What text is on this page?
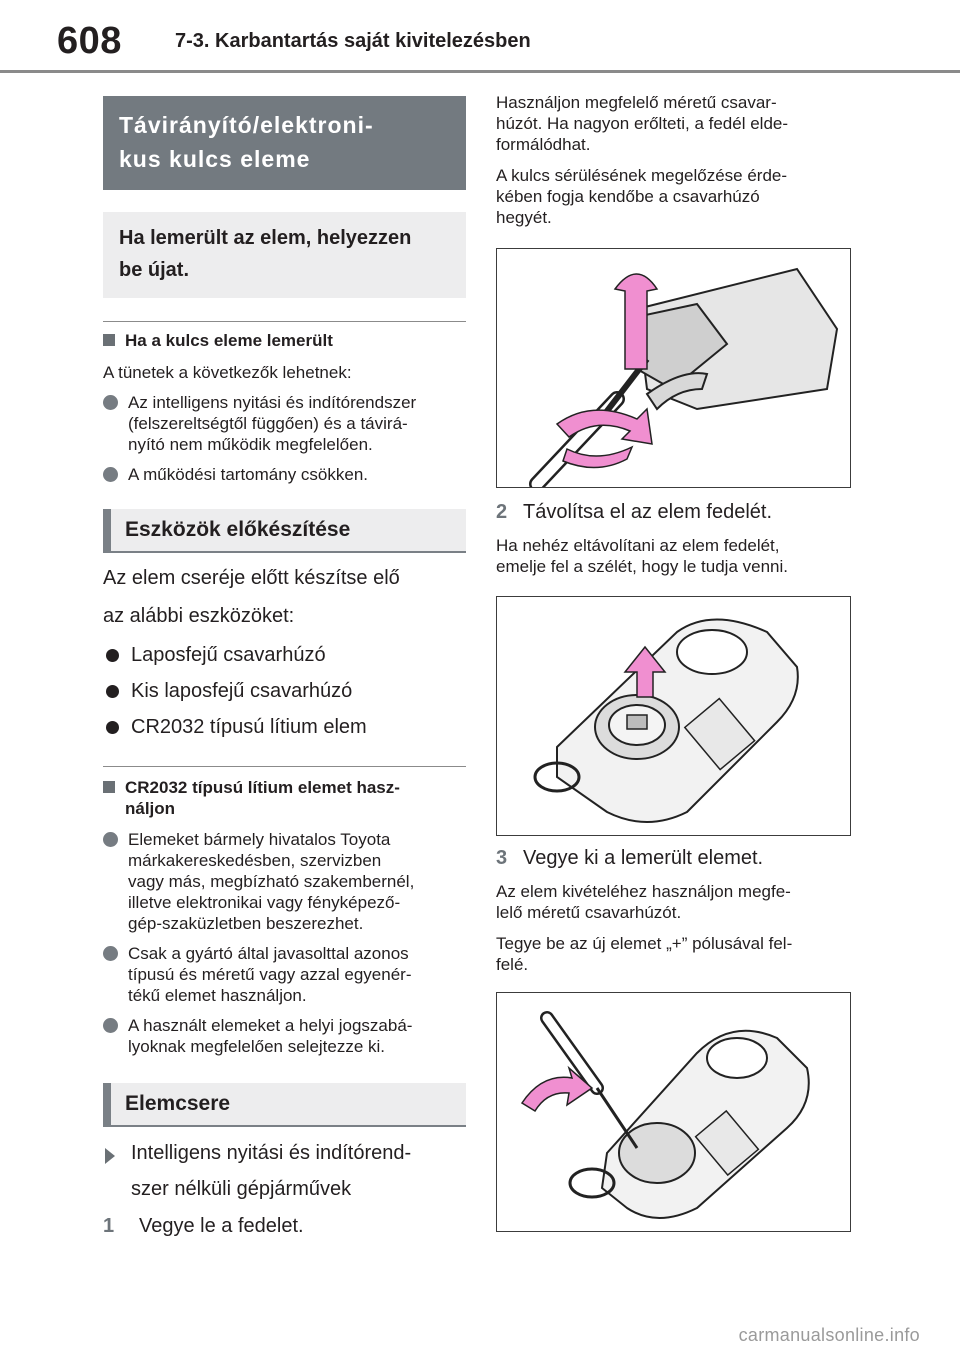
608	7-3. Karbantartás saját kivitelezésben
Távirányító/elektroni-
kus kulcs eleme
Ha lemerült az elem, helyezzen
be újat.
Ha a kulcs eleme lemerült
A tünetek a következők lehetnek:
Az intelligens nyitási és indítórendszer
(felszereltségtől függően) és a távirá-
nyító nem működik megfelelően.
A működési tartomány csökken.
Eszközök előkészítése
Az elem cseréje előtt készítse elő
az alábbi eszközöket:
Laposfejű csavarhúzó
Kis laposfejű csavarhúzó
CR2032 típusú lítium elem
CR2032 típusú lítium elemet hasz-
náljon
Elemeket bármely hivatalos Toyota
márkakereskedésben, szervizben
vagy más, megbízható szakembernél,
illetve elektronikai vagy fényképező-
gép-szaküzletben beszerezhet.
Csak a gyártó által javasolttal azonos
típusú és méretű vagy azzal egyenér-
tékű elemet használjon.
A használt elemeket a helyi jogszabá-
lyoknak megfelelően selejtezze ki.
Elemcsere
Intelligens nyitási és indítórend-
szer nélküli gépjárművek
1 Vegye le a fedelet.
Használjon megfelelő méretű csavar-
húzót. Ha nagyon erőlteti, a fedél elde-
formálódhat.
A kulcs sérülésének megelőzése érde-
kében fogja kendőbe a csavarhúzó
hegyét.
2 Távolítsa el az elem fedelét.
Ha nehéz eltávolítani az elem fedelét,
emelje fel a szélét, hogy le tudja venni.
3 Vegye ki a lemerült elemet.
Az elem kivételéhez használjon megfe-
lelő méretű csavarhúzót.
Tegye be az új elemet „+” pólusával fel-
felé.
carmanualsonline.info
